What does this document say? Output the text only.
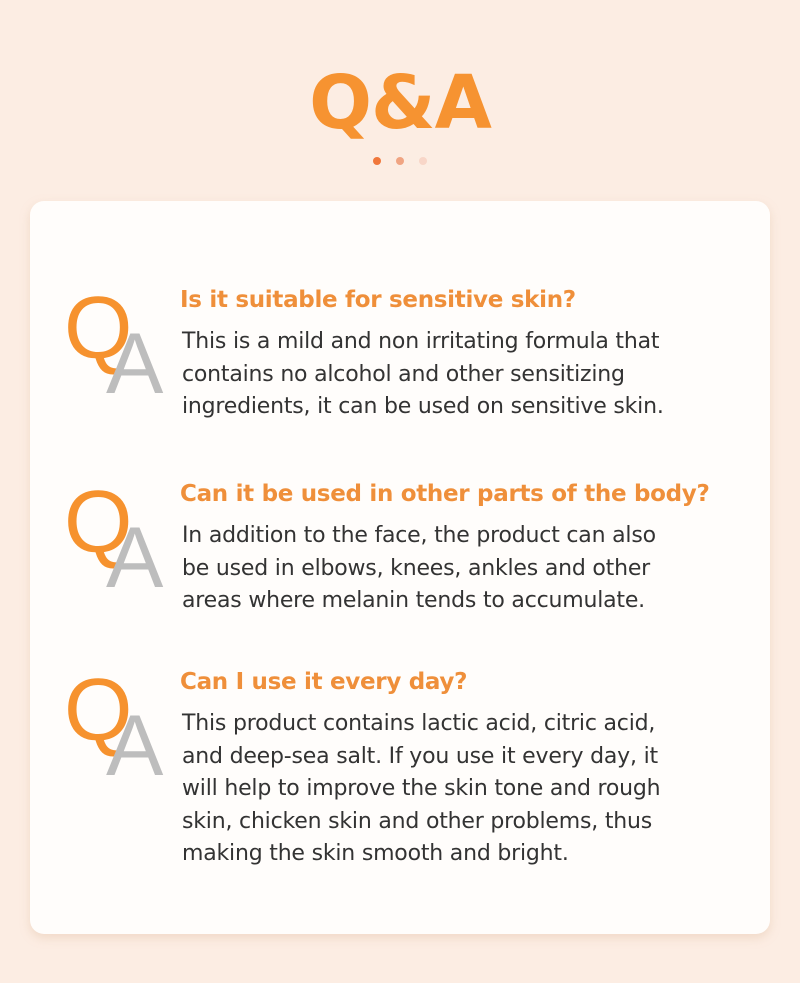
Q&A
Q
A
Is it suitable for sensitive skin?
This is a mild and non irritating formula that
contains no alcohol and other sensitizing
ingredients, it can be used on sensitive skin.
Q
A
Can it be used in other parts of the body?
In addition to the face, the product can also
be used in elbows, knees, ankles and other
areas where melanin tends to accumulate.
Q
A
Can I use it every day?
This product contains lactic acid, citric acid,
and deep-sea salt. If you use it every day, it
will help to improve the skin tone and rough
skin, chicken skin and other problems, thus
making the skin smooth and bright.
